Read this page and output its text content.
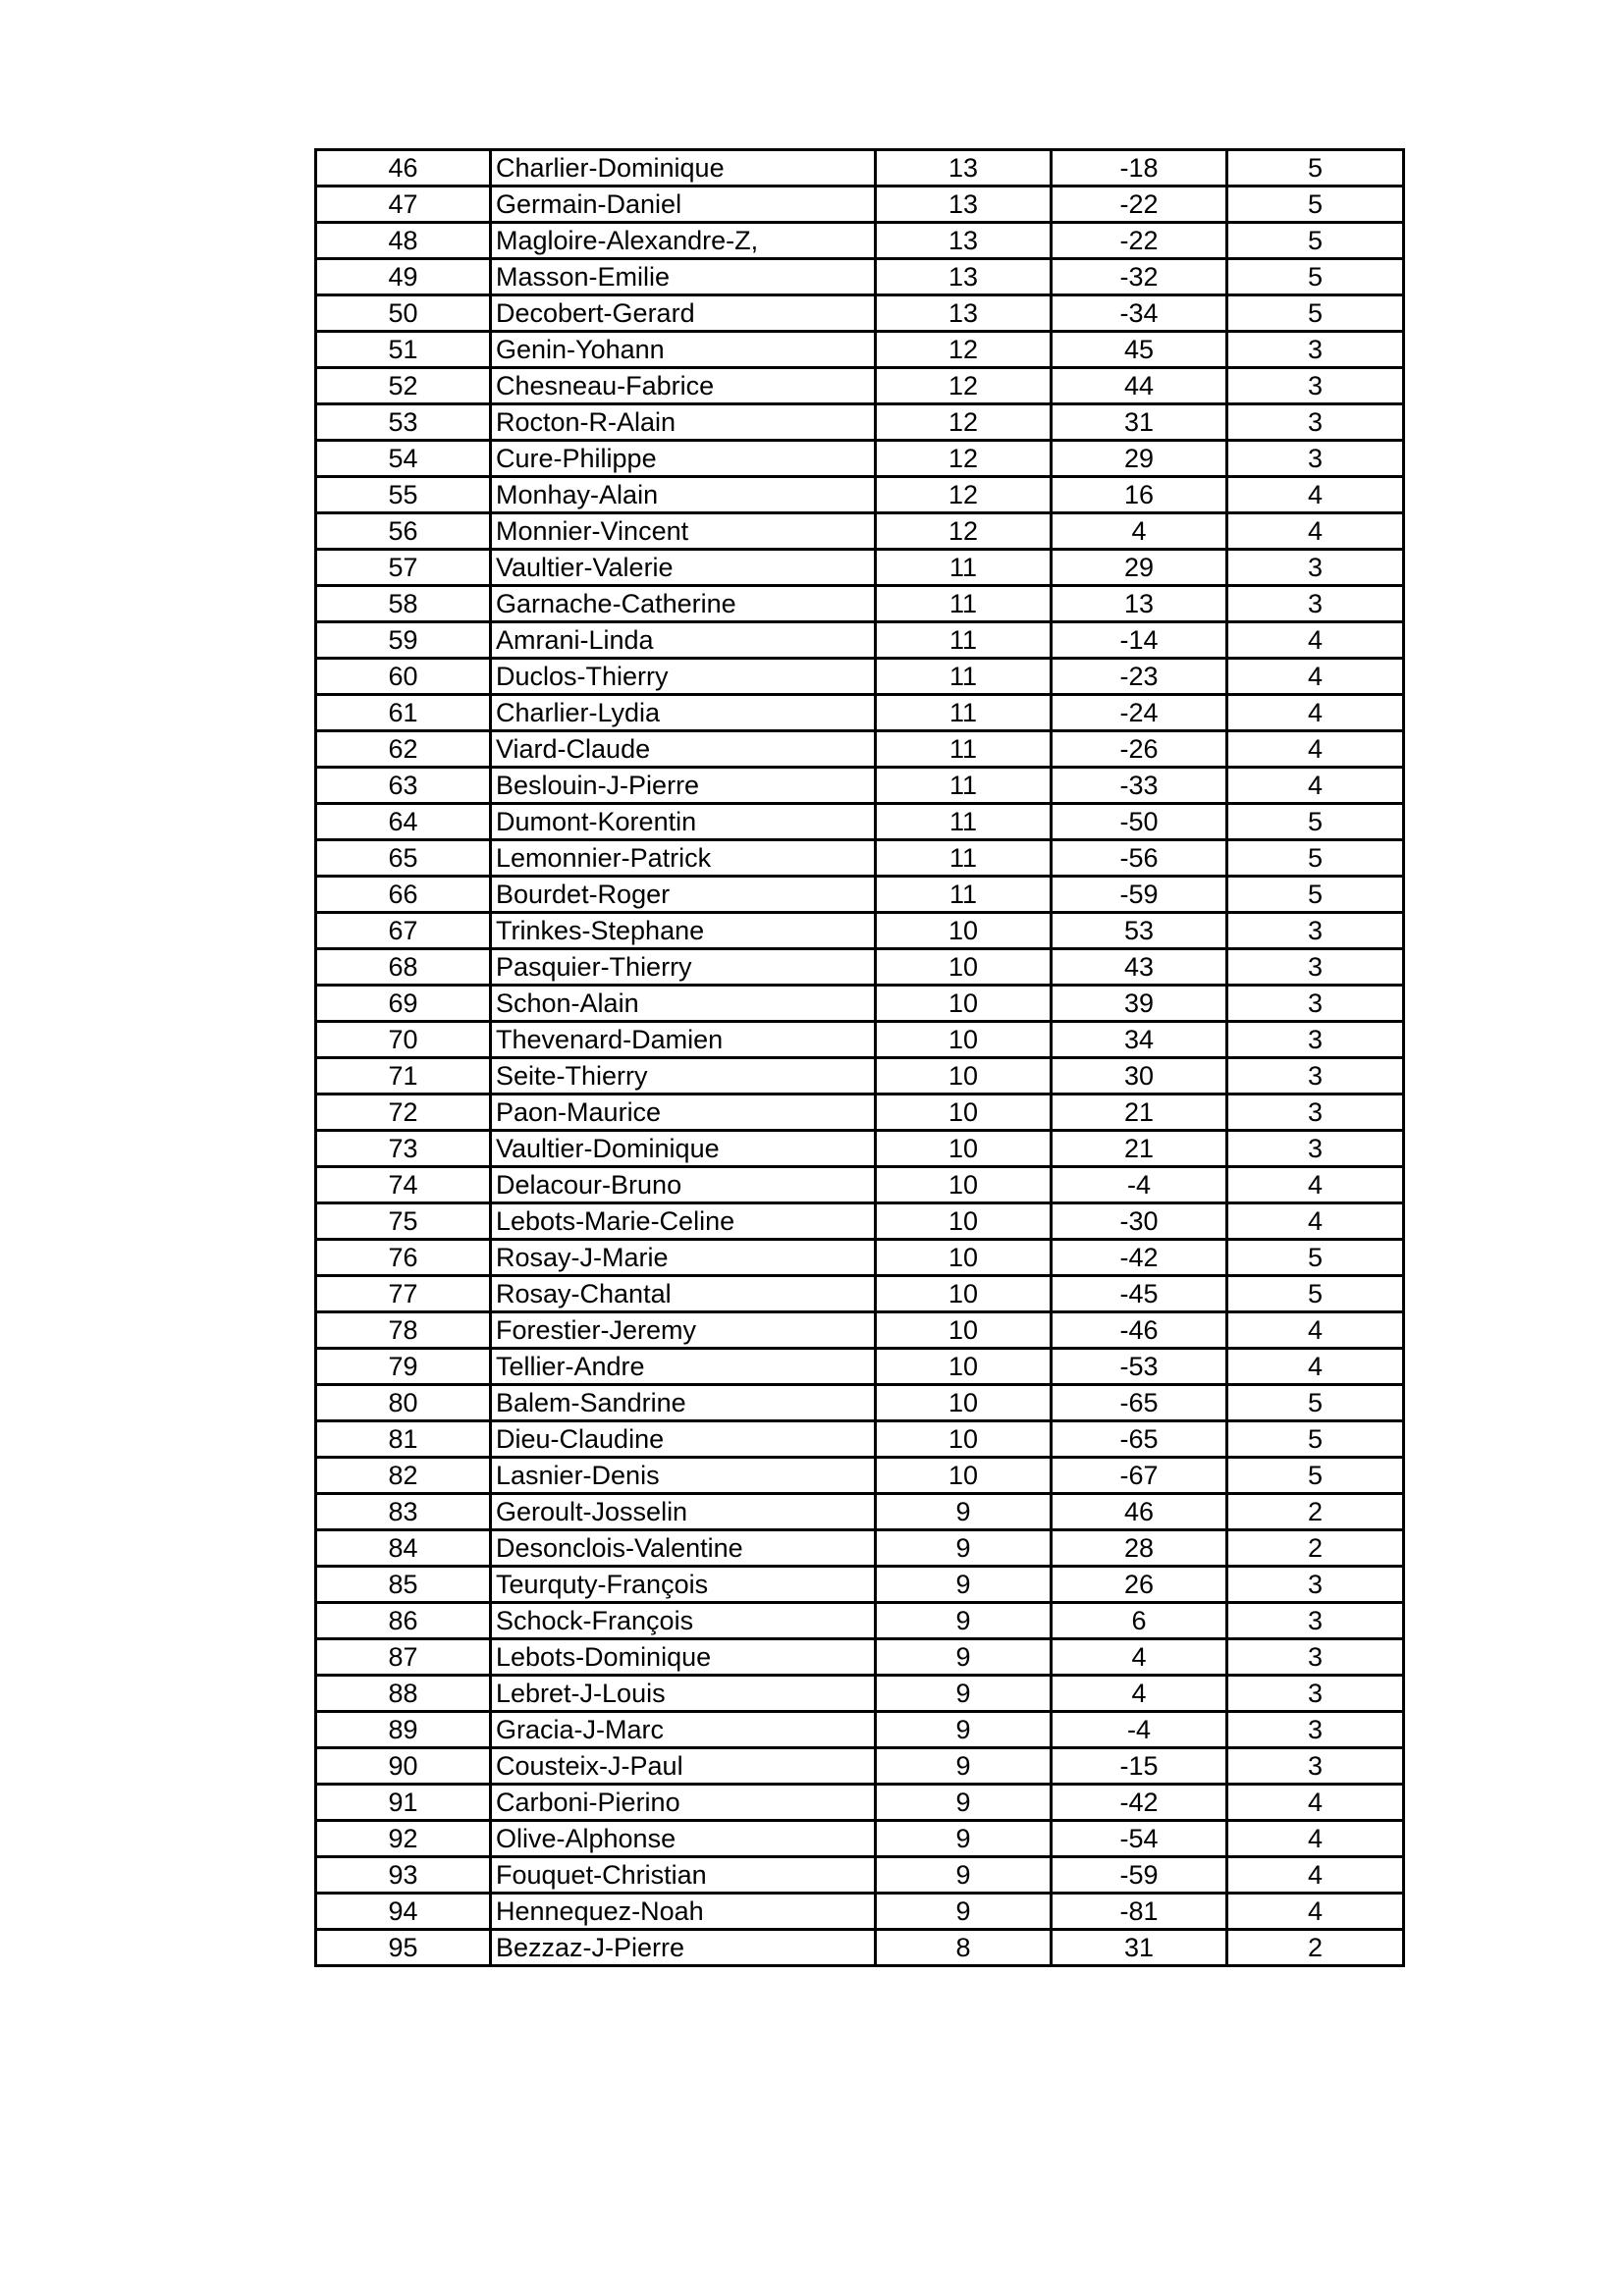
46	Charlier-Dominique	13	-18	5
47	Germain-Daniel	13	-22	5
48	Magloire-Alexandre-Z,	13	-22	5
49	Masson-Emilie	13	-32	5
50	Decobert-Gerard	13	-34	5
51	Genin-Yohann	12	45	3
52	Chesneau-Fabrice	12	44	3
53	Rocton-R-Alain	12	31	3
54	Cure-Philippe	12	29	3
55	Monhay-Alain	12	16	4
56	Monnier-Vincent	12	4	4
57	Vaultier-Valerie	11	29	3
58	Garnache-Catherine	11	13	3
59	Amrani-Linda	11	-14	4
60	Duclos-Thierry	11	-23	4
61	Charlier-Lydia	11	-24	4
62	Viard-Claude	11	-26	4
63	Beslouin-J-Pierre	11	-33	4
64	Dumont-Korentin	11	-50	5
65	Lemonnier-Patrick	11	-56	5
66	Bourdet-Roger	11	-59	5
67	Trinkes-Stephane	10	53	3
68	Pasquier-Thierry	10	43	3
69	Schon-Alain	10	39	3
70	Thevenard-Damien	10	34	3
71	Seite-Thierry	10	30	3
72	Paon-Maurice	10	21	3
73	Vaultier-Dominique	10	21	3
74	Delacour-Bruno	10	-4	4
75	Lebots-Marie-Celine	10	-30	4
76	Rosay-J-Marie	10	-42	5
77	Rosay-Chantal	10	-45	5
78	Forestier-Jeremy	10	-46	4
79	Tellier-Andre	10	-53	4
80	Balem-Sandrine	10	-65	5
81	Dieu-Claudine	10	-65	5
82	Lasnier-Denis	10	-67	5
83	Geroult-Josselin	9	46	2
84	Desonclois-Valentine	9	28	2
85	Teurquty-François	9	26	3
86	Schock-François	9	6	3
87	Lebots-Dominique	9	4	3
88	Lebret-J-Louis	9	4	3
89	Gracia-J-Marc	9	-4	3
90	Cousteix-J-Paul	9	-15	3
91	Carboni-Pierino	9	-42	4
92	Olive-Alphonse	9	-54	4
93	Fouquet-Christian	9	-59	4
94	Hennequez-Noah	9	-81	4
95	Bezzaz-J-Pierre	8	31	2
